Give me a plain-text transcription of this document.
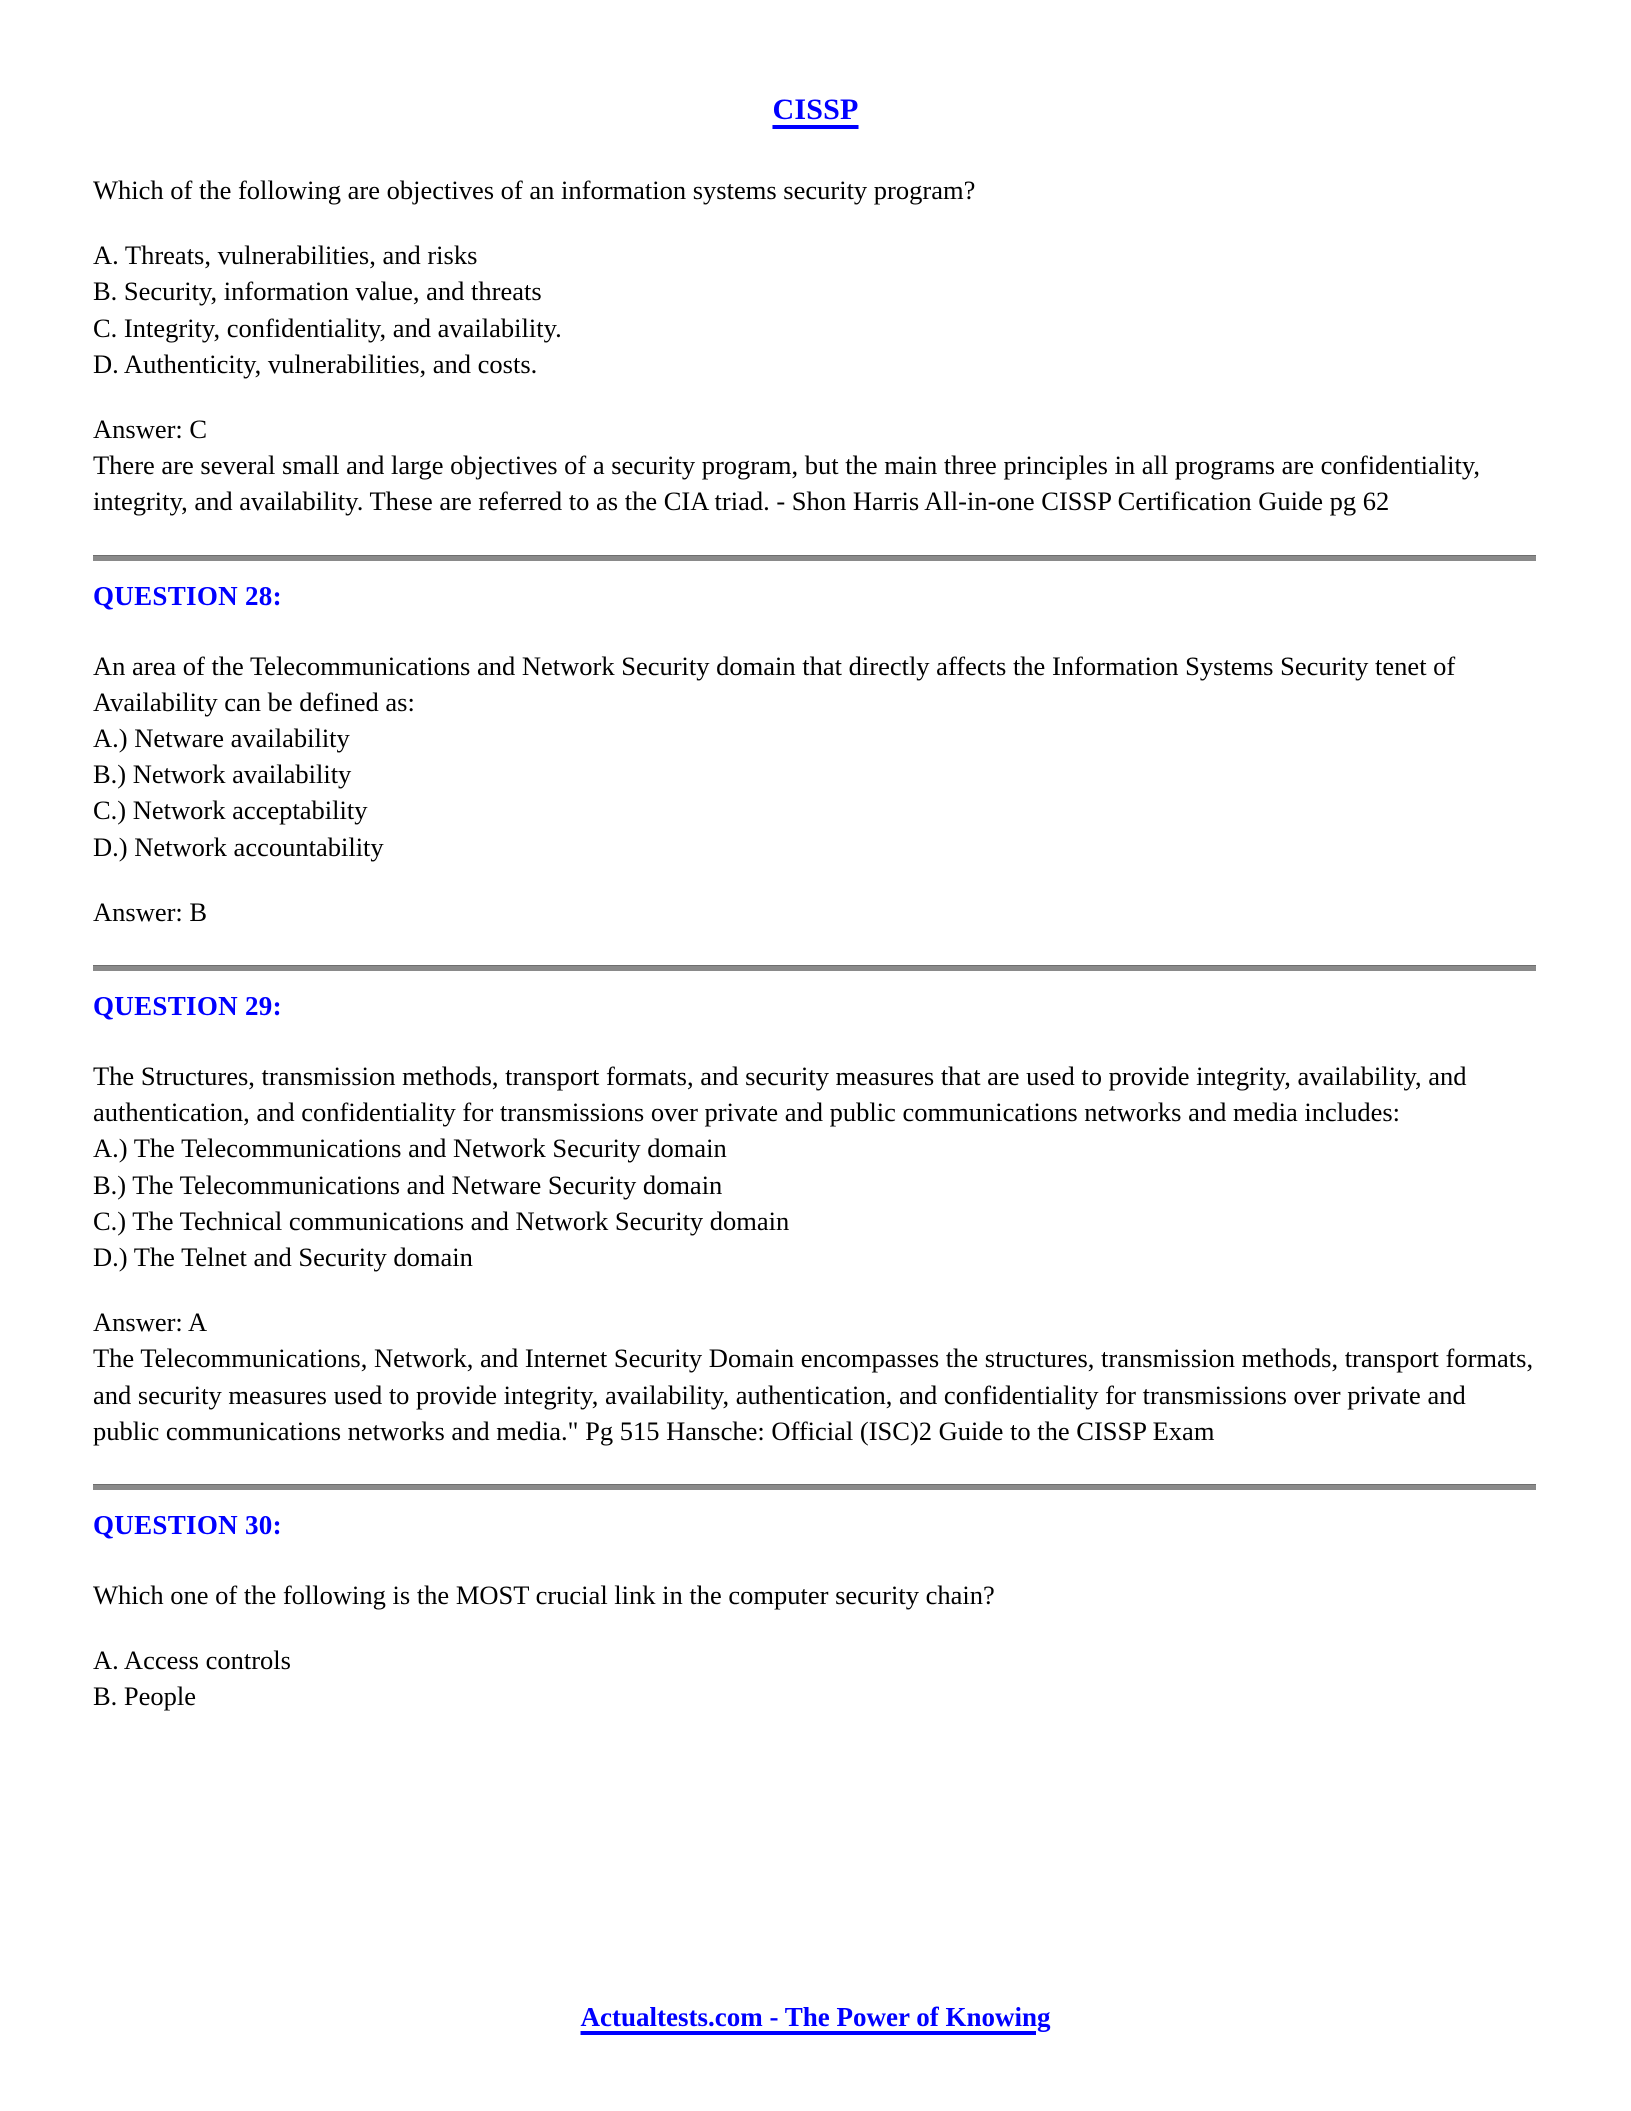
CISSP

Which of the following are objectives of an information systems security program?

A. Threats, vulnerabilities, and risks
B. Security, information value, and threats
C. Integrity, confidentiality, and availability.
D. Authenticity, vulnerabilities, and costs.

Answer: C

There are several small and large objectives of a security program, but the main three principles in all programs are confidentiality, integrity, and availability. These are referred to as the CIA triad. - Shon Harris All-in-one CISSP Certification Guide pg 62

QUESTION 28:

An area of the Telecommunications and Network Security domain that directly affects the Information Systems Security tenet of Availability can be defined as:

A.) Netware availability
B.) Network availability
C.) Network acceptability
D.) Network accountability

Answer: B

QUESTION 29:

The Structures, transmission methods, transport formats, and security measures that are used to provide integrity, availability, and authentication, and confidentiality for transmissions over private and public communications networks and media includes:

A.) The Telecommunications and Network Security domain
B.) The Telecommunications and Netware Security domain
C.) The Technical communications and Network Security domain
D.) The Telnet and Security domain

Answer: A

The Telecommunications, Network, and Internet Security Domain encompasses the structures, transmission methods, transport formats, and security measures used to provide integrity, availability, authentication, and confidentiality for transmissions over private and public communications networks and media." Pg 515 Hansche: Official (ISC)2 Guide to the CISSP Exam

QUESTION 30:

Which one of the following is the MOST crucial link in the computer security chain?

A. Access controls
B. People
Actualtests.com - The Power of Knowing
